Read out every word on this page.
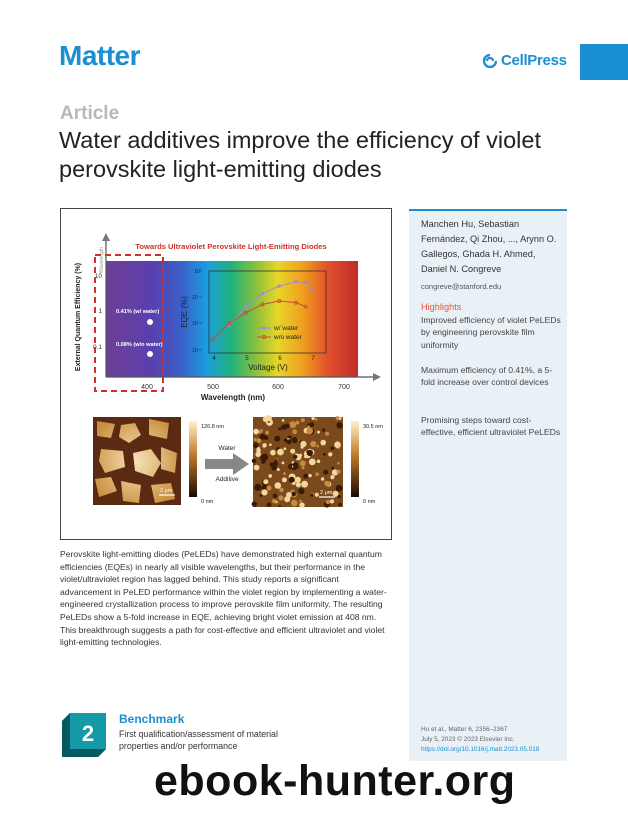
Matter	CellPress
Article
Water additives improve the efficiency of violet perovskite light-emitting diodes
Towards Ultraviolet Perovskite Light-Emitting Diodes
Wavelength
10
1
0.1
External Quantum Efficiency (%)
400	500	600	700
Wavelength (nm)
0.41% (w/ water)
0.08% (w/o water)
10⁰
10⁻¹
10⁻²
10⁻³
EQE (%)
4	5	6	7
Voltage (V)
w/ water
w/o water
126.8 nm
0 nm
2 μm
Water
Additive
30.5 nm
0 nm
2 μm
Manchen Hu, Sebastian Fernández, Qi Zhou, ..., Arynn O. Gallegos, Ghada H. Ahmed, Daniel N. Congreve
congreve@stanford.edu
Highlights
Improved efficiency of violet PeLEDs by engineering perovskite film uniformity
Maximum efficiency of 0.41%, a 5-fold increase over control devices
Promising steps toward cost-effective, efficient ultraviolet PeLEDs
Hu et al., Matter 6, 2356–2367
July 5, 2023 © 2023 Elsevier Inc.
https://doi.org/10.1016/j.matt.2023.05.018
Perovskite light-emitting diodes (PeLEDs) have demonstrated high external quantum efficiencies (EQEs) in nearly all visible wavelengths, but their performance in the violet/ultraviolet region has lagged behind. This study reports a significant advancement in PeLED performance within the violet region by implementing a water-engineered crystallization process to improve perovskite film uniformity. The resulting PeLEDs show a 5-fold increase in EQE, achieving bright violet emission at 408 nm. This breakthrough suggests a path for cost-effective and efficient ultraviolet and violet light-emitting technologies.
2
Benchmark
First qualification/assessment of material properties and/or performance
ebook-hunter.org
